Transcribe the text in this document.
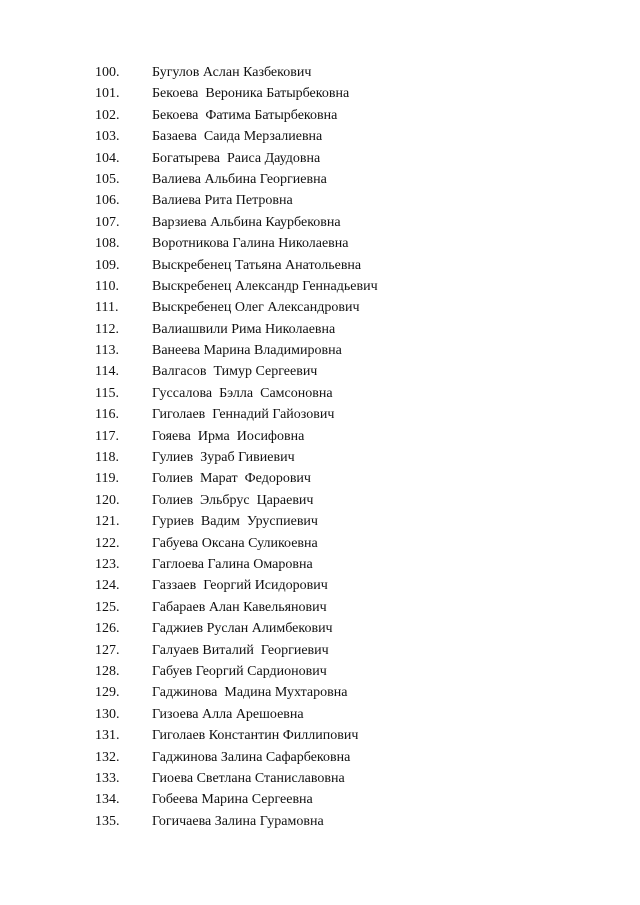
100.	Бугулов Аслан Казбекович
101.	Бекоева  Вероника Батырбековна
102.	Бекоева  Фатима Батырбековна
103.	Базаева  Саида Мерзалиевна
104.	Богатырева  Раиса Даудовна
105.	Валиева Альбина Георгиевна
106.	Валиева Рита Петровна
107.	Варзиева Альбина Каурбековна
108.	Воротникова Галина Николаевна
109.	Выскребенец Татьяна Анатольевна
110.	Выскребенец Александр Геннадьевич
111.	Выскребенец Олег Александрович
112.	Валиашвили Рима Николаевна
113.	Ванеева Марина Владимировна
114.	Валгасов  Тимур Сергеевич
115.	Гуссалова  Бэлла  Самсоновна
116.	Гиголаев  Геннадий Гайозович
117.	Гояева  Ирма  Иосифовна
118.	Гулиев  Зураб Гивиевич
119.	Голиев  Марат  Федорович
120.	Голиев  Эльбрус  Цараевич
121.	Гуриев  Вадим  Уруспиевич
122.	Габуева Оксана Суликоевна
123.	Гаглоева Галина Омаровна
124.	Газзаев  Георгий Исидорович
125.	Габараев Алан Кавельянович
126.	Гаджиев Руслан Алимбекович
127.	Галуаев Виталий  Георгиевич
128.	Габуев Георгий Сардионович
129.	Гаджинова  Мадина Мухтаровна
130.	Гизоева Алла Арешоевна
131.	Гиголаев Константин Филлипович
132.	Гаджинова Залина Сафарбековна
133.	Гиоева Светлана Станиславовна
134.	Гобеева Марина Сергеевна
135.	Гогичаева Залина Гурамовна
